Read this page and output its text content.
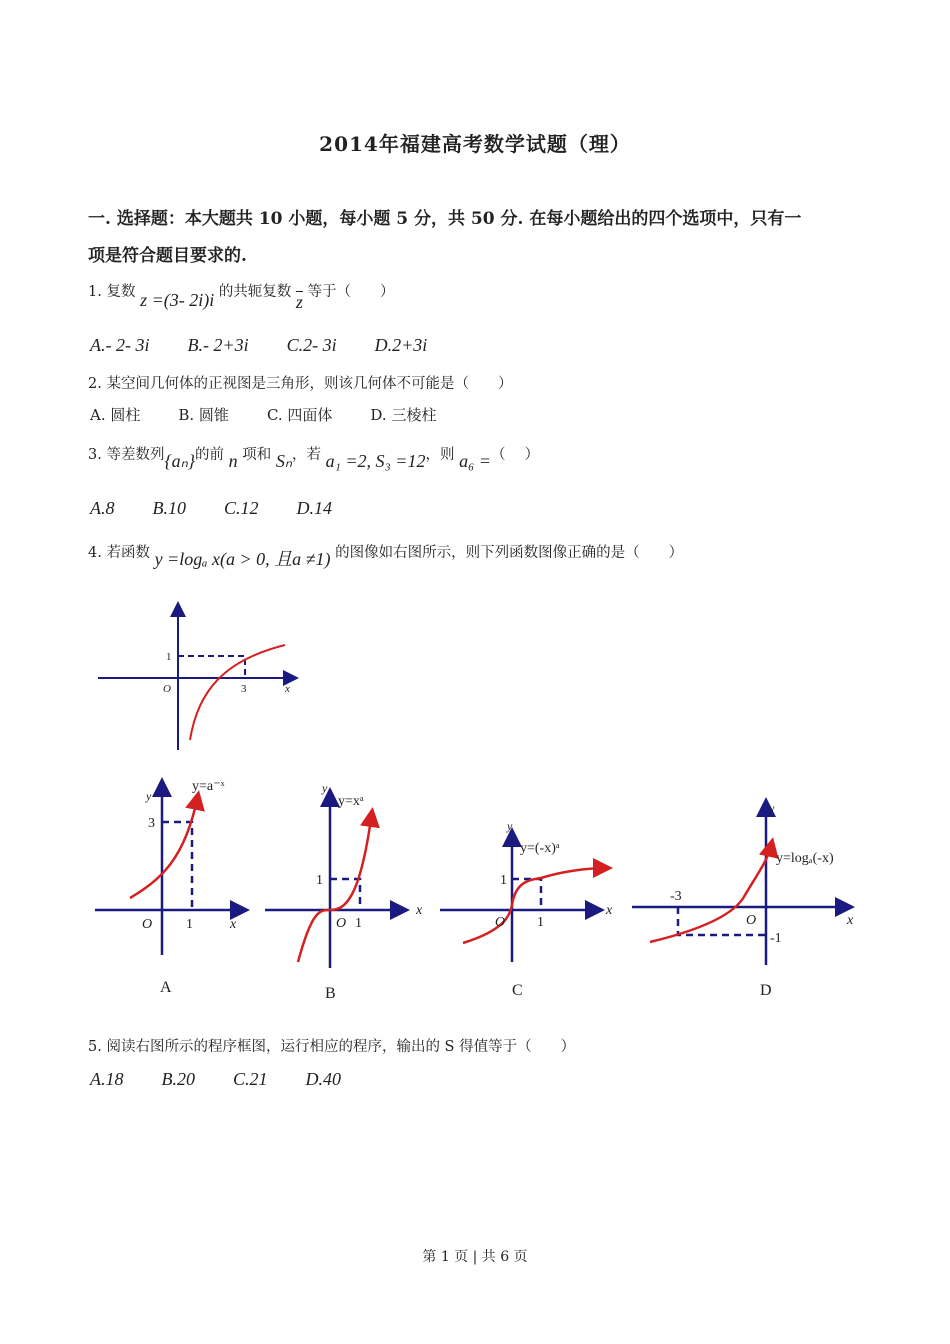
2014年福建高考数学试题（理）
一. 选择题：本大题共 10 小题，每小题 5 分，共 50 分. 在每小题给出的四个选项中，只有一
项是符合题目要求的.
1. 复数 z =(3- 2i)i 的共轭复数 $\overline{z}$ 等于（　　）
A.- 2- 3i B.- 2+3i C.2- 3i D.2+3i
2. 某空间几何体的正视图是三角形，则该几何体不可能是（　　）
A. 圆柱	B. 圆锥	C. 四面体	D. 三棱柱
3. 等差数列{aₙ}的前 n 项和 Sₙ，若 a₁ =2, S₃ =12，则 a₆ =（　 ）
A.8 B.10 C.12 D.14
4. 若函数 y =logₐ x(a > 0, 且a ≠1) 的图像如右图所示，则下列函数图像正确的是（　　）
O	x
1
3
A
y=a⁻ˣ
y
O	x
1
3
B
y=xᵃ
y
O
x
1
1
C
y=(-x)ᵃ
y
O
x
1
1
D
y=logₐ(-x)
y
O	x
-3
-1
5. 阅读右图所示的程序框图，运行相应的程序，输出的 S 得值等于（　　）
A.18 B.20 C.21 D.40
第 1 页 | 共 6 页
